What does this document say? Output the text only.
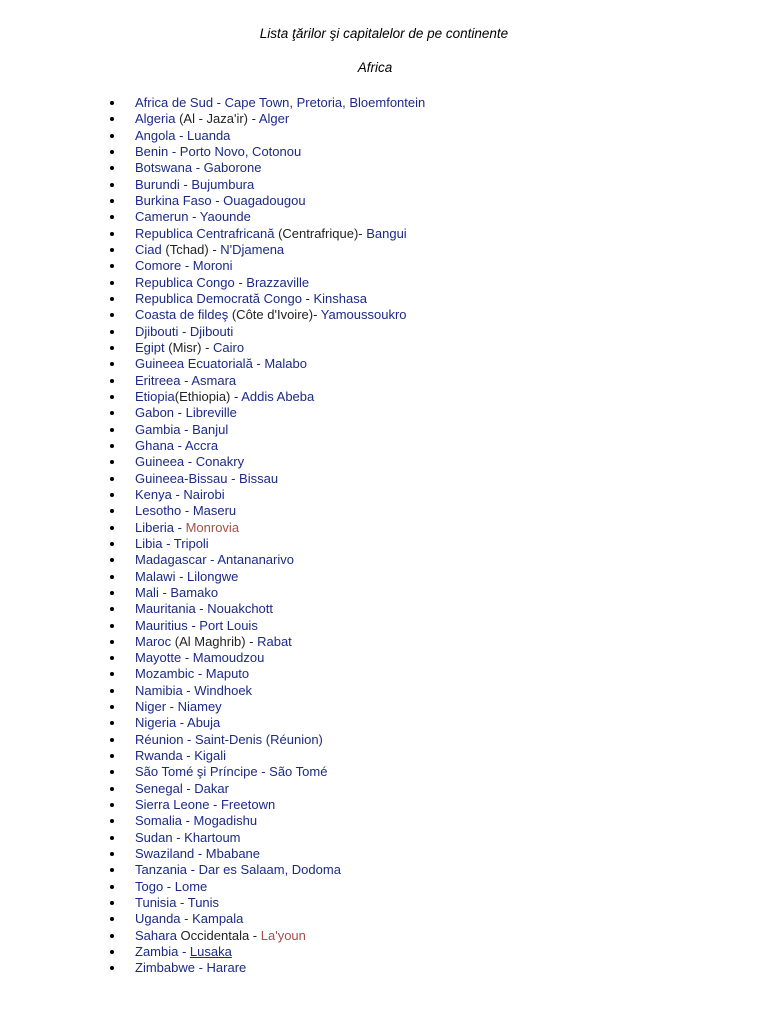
Lista ţărilor şi capitalelor de pe continente
Africa
Africa de Sud - Cape Town, Pretoria, Bloemfontein
Algeria (Al - Jaza'ir) - Alger
Angola - Luanda
Benin - Porto Novo, Cotonou
Botswana - Gaborone
Burundi - Bujumbura
Burkina Faso - Ouagadougou
Camerun - Yaounde
Republica Centrafricană (Centrafrique)- Bangui
Ciad (Tchad) - N'Djamena
Comore - Moroni
Republica Congo - Brazzaville
Republica Democrată Congo - Kinshasa
Coasta de fildeş (Côte d'Ivoire)- Yamoussoukro
Djibouti - Djibouti
Egipt (Misr) - Cairo
Guineea Ecuatorială - Malabo
Eritreea - Asmara
Etiopia(Ethiopia) - Addis Abeba
Gabon - Libreville
Gambia - Banjul
Ghana - Accra
Guineea - Conakry
Guineea-Bissau - Bissau
Kenya - Nairobi
Lesotho - Maseru
Liberia - Monrovia
Libia - Tripoli
Madagascar - Antananarivo
Malawi - Lilongwe
Mali - Bamako
Mauritania - Nouakchott
Mauritius - Port Louis
Maroc (Al Maghrib) - Rabat
Mayotte - Mamoudzou
Mozambic - Maputo
Namibia - Windhoek
Niger - Niamey
Nigeria - Abuja
Réunion - Saint-Denis (Réunion)
Rwanda - Kigali
São Tomé şi Príncipe - São Tomé
Senegal - Dakar
Sierra Leone - Freetown
Somalia - Mogadishu
Sudan - Khartoum
Swaziland - Mbabane
Tanzania - Dar es Salaam, Dodoma
Togo - Lome
Tunisia - Tunis
Uganda - Kampala
Sahara Occidentala - La'youn
Zambia - Lusaka
Zimbabwe - Harare
